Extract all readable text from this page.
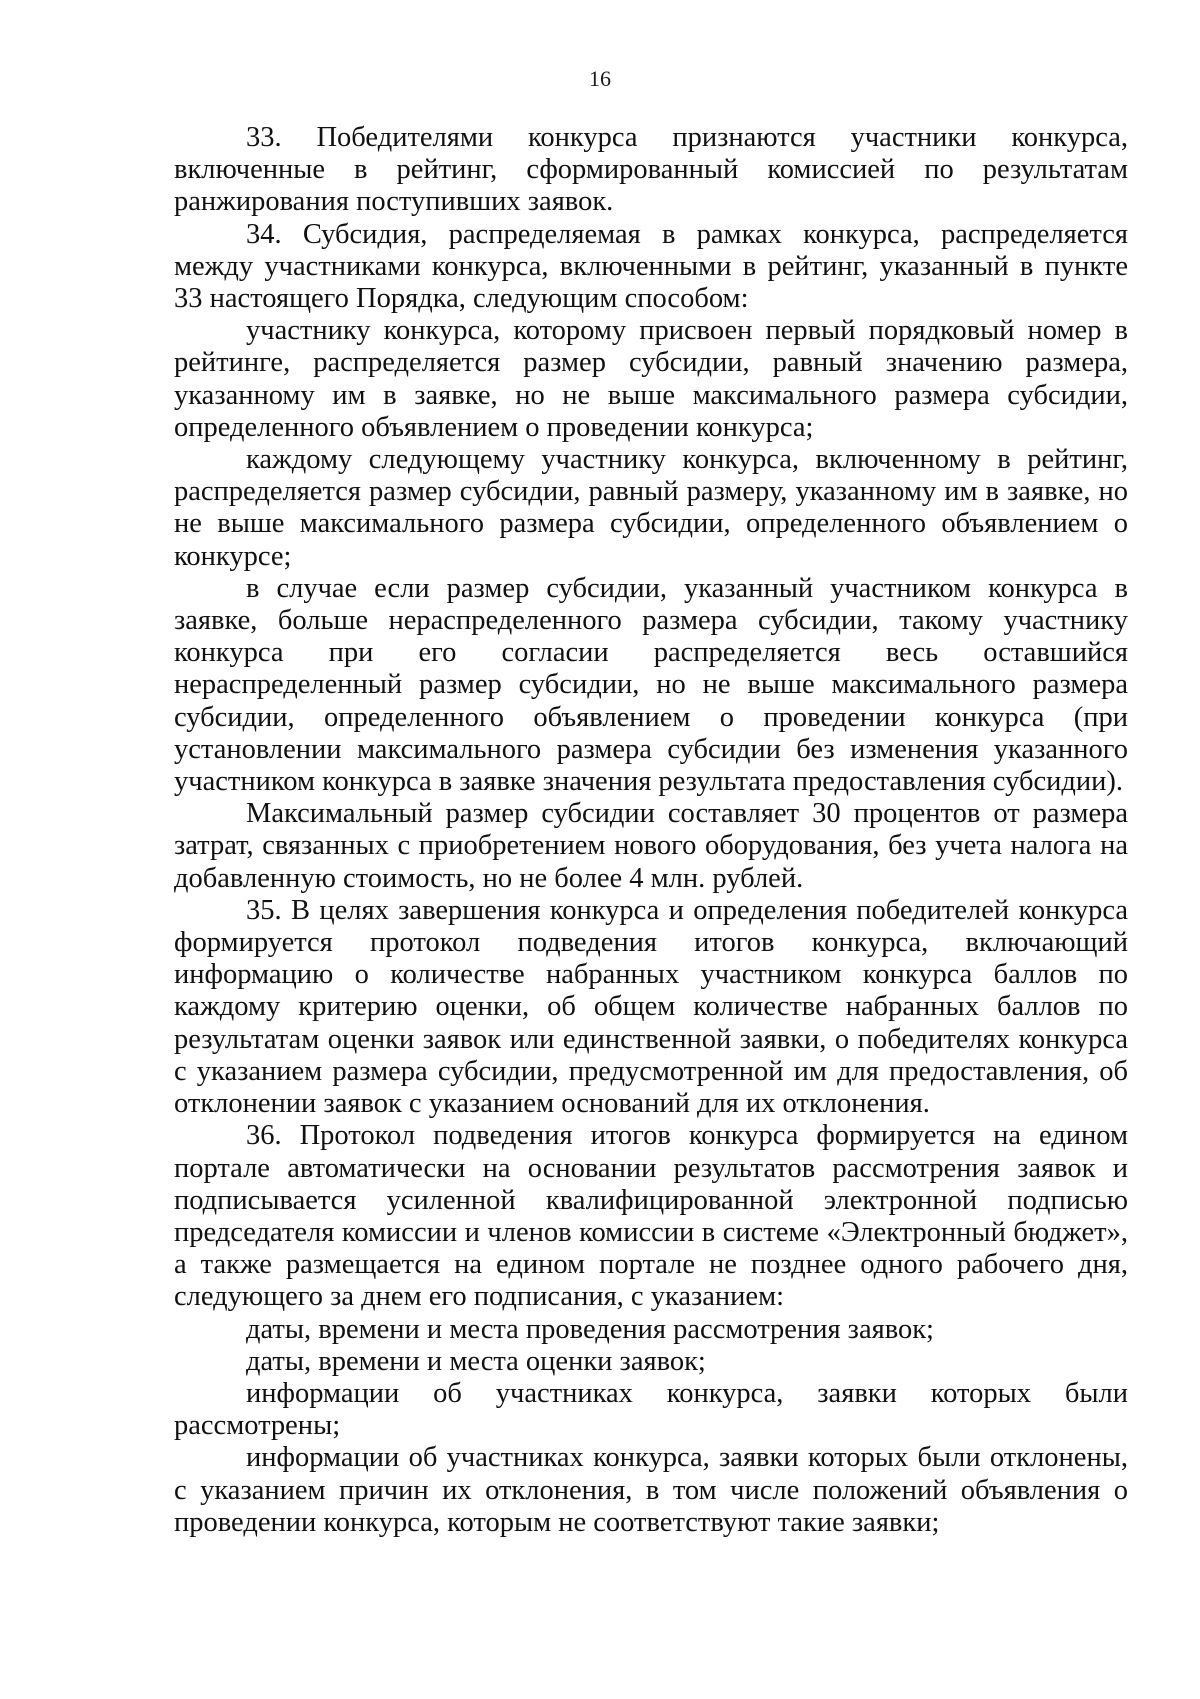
16

33. Победителями конкурса признаются участники конкурса, включенные в рейтинг, сформированный комиссией по результатам ранжирования поступивших заявок.

34. Субсидия, распределяемая в рамках конкурса, распределяется между участниками конкурса, включенными в рейтинг, указанный в пункте 33 настоящего Порядка, следующим способом:

участнику конкурса, которому присвоен первый порядковый номер в рейтинге, распределяется размер субсидии, равный значению размера, указанному им в заявке, но не выше максимального размера субсидии, определенного объявлением о проведении конкурса;

каждому следующему участнику конкурса, включенному в рейтинг, распределяется размер субсидии, равный размеру, указанному им в заявке, но не выше максимального размера субсидии, определенного объявлением о конкурсе;

в случае если размер субсидии, указанный участником конкурса в заявке, больше нераспределенного размера субсидии, такому участнику конкурса при его согласии распределяется весь оставшийся нераспределенный размер субсидии, но не выше максимального размера субсидии, определенного объявлением о проведении конкурса (при установлении максимального размера субсидии без изменения указанного участником конкурса в заявке значения результата предоставления субсидии).

Максимальный размер субсидии составляет 30 процентов от размера затрат, связанных с приобретением нового оборудования, без учета налога на добавленную стоимость, но не более 4 млн. рублей.

35. В целях завершения конкурса и определения победителей конкурса формируется протокол подведения итогов конкурса, включающий информацию о количестве набранных участником конкурса баллов по каждому критерию оценки, об общем количестве набранных баллов по результатам оценки заявок или единственной заявки, о победителях конкурса с указанием размера субсидии, предусмотренной им для предоставления, об отклонении заявок с указанием оснований для их отклонения.

36. Протокол подведения итогов конкурса формируется на едином портале автоматически на основании результатов рассмотрения заявок и подписывается усиленной квалифицированной электронной подписью председателя комиссии и членов комиссии в системе «Электронный бюджет», а также размещается на едином портале не позднее одного рабочего дня, следующего за днем его подписания, с указанием:

даты, времени и места проведения рассмотрения заявок;

даты, времени и места оценки заявок;

информации об участниках конкурса, заявки которых были рассмотрены;

информации об участниках конкурса, заявки которых были отклонены, с указанием причин их отклонения, в том числе положений объявления о проведении конкурса, которым не соответствуют такие заявки;
